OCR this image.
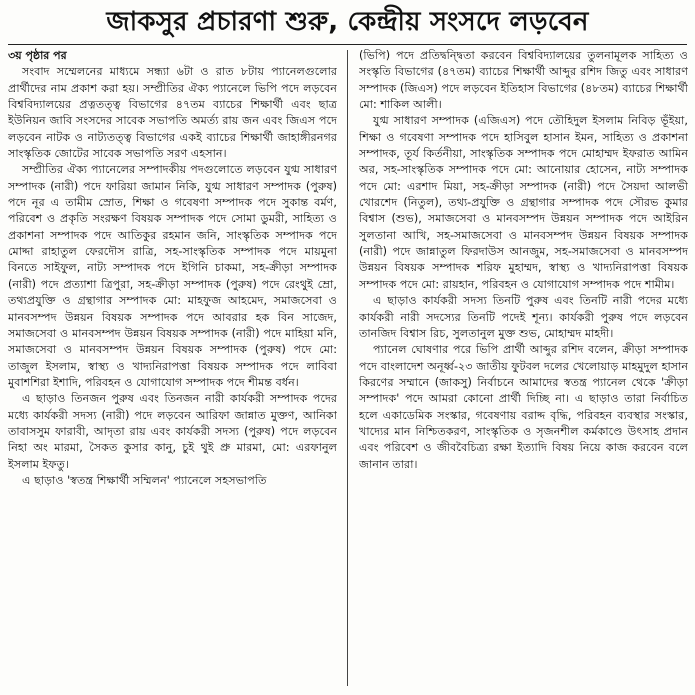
জাকসুর প্রচারণা শুরু, কেন্দ্রীয় সংসদে লড়বেন

৩য় পৃষ্ঠার পর

সংবাদ সম্মেলনের মাধ্যমে সন্ধ্যা ৬টা ও রাত ৮টায় প্যানেলগুলোর প্রার্থীদের নাম প্রকাশ করা হয়। সম্প্রীতির ঐক্য প্যানেলে ভিপি পদে লড়বেন বিশ্ববিদ্যালয়ের প্রত্নতত্ত্ব বিভাগের ৪৭তম ব্যাচের শিক্ষার্থী এবং ছাত্র ইউনিয়ন জাবি সংসদের সাবেক সভাপতি অমর্ত্য রায় জন এবং জিএস পদে লড়বেন নাটক ও নাট্যতত্ত্ব বিভাগের একই ব্যাচের শিক্ষার্থী জাহাঙ্গীরনগর সাংস্কৃতিক জোটের সাবেক সভাপতি সরণ এহসান।

সম্প্রীতির ঐক্য প্যানেলের সম্পাদকীয় পদগুলোতে লড়বেন যুগ্ম সাধারণ সম্পাদক (নারী) পদে ফারিয়া জামান নিকি, যুগ্ম সাধারণ সম্পাদক (পুরুষ) পদে নূর এ তামীম স্রোত, শিক্ষা ও গবেষণা সম্পাদক পদে সুকান্ত বর্মণ, পরিবেশ ও প্রকৃতি সংরক্ষণ বিষয়ক সম্পাদক পদে সোমা ডুমরী, সাহিত্য ও প্রকাশনা সম্পাদক পদে আতিকুর রহমান জনি, সাংস্কৃতিক সম্পাদক পদে মোদ্দা রাহাতুল ফেরদৌস রাত্রি, সহ-সাংস্কৃতিক সম্পাদক পদে মায়মুনা বিনতে সাইফুল, নাট্য সম্পাদক পদে ইগিনি চাকমা, সহ-ক্রীড়া সম্পাদক (নারী) পদে প্রত্যাশা ত্রিপুরা, সহ-ক্রীড়া সম্পাদক (পুরুষ) পদে রেংথুই ম্রো, তথ্যপ্রযুক্তি ও গ্রন্থাগার সম্পাদক মো: মাহফুজ আহমেদ, সমাজসেবা ও মানবসম্পদ উন্নয়ন বিষয়ক সম্পাদক পদে আবরার হক বিন সাজেদ, সমাজসেবা ও মানবসম্পদ উন্নয়ন বিষয়ক সম্পাদক (নারী) পদে মাহিয়া মনি, সমাজসেবা ও মানবসম্পদ উন্নয়ন বিষয়ক সম্পাদক (পুরুষ) পদে মো: তাজুল ইসলাম, স্বাস্থ্য ও খাদ্যনিরাপত্তা বিষয়ক সম্পাদক পদে লাবিবা মুবাশশিরা ইশাদি, পরিবহন ও যোগাযোগ সম্পাদক পদে শীমন্ত বর্ধন।

এ ছাড়াও তিনজন পুরুষ এবং তিনজন নারী কার্যকরী সম্পাদক পদের মধ্যে কার্যকরী সদস্য (নারী) পদে লড়বেন আরিফা জান্নাত মুক্তণ, আনিকা তাবাসসুম ফারাবী, আদৃতা রায় এবং কার্যকরী সদস্য (পুরুষ) পদে লড়বেন নিহা অং মারমা, সৈকত কুসার কানু, চুই থুই প্রু মারমা, মো: এরফানুল ইসলাম ইফতু।

এ ছাড়াও 'স্বতন্ত্র শিক্ষার্থী সম্মিলন' প্যানেলে সহসভাপতি

(ভিপি) পদে প্রতিদ্বন্দ্বিতা করবেন বিশ্ববিদ্যালয়ের তুলনামূলক সাহিত্য ও সংস্কৃতি বিভাগের (৪৭তম) ব্যাচের শিক্ষার্থী আব্দুর রশিদ জিতু এবং সাধারণ সম্পাদক (জিএস) পদে লড়বেন ইতিহাস বিভাগের (৪৮তম) ব্যাচের শিক্ষার্থী মো: শাকিল আলী।

যুগ্ম সাধারণ সম্পাদক (এজিএস) পদে তৌহিদুল ইসলাম নিবিড় ভূঁইয়া, শিক্ষা ও গবেষণা সম্পাদক পদে হাসিবুল হাসান ইমন, সাহিত্য ও প্রকাশনা সম্পাদক, তূর্য কির্তনীয়া, সাংস্কৃতিক সম্পাদক পদে মোহাম্মদ ইফরাত আমিন অর, সহ-সাংস্কৃতিক সম্পাদক পদে মো: আনোয়ার হোসেন, নাট্য সম্পাদক পদে মো: এরশাদ মিয়া, সহ-ক্রীড়া সম্পাদক (নারী) পদে সৈয়দা আলভী খোরশেদ (নিতুল), তথ্য-প্রযুক্তি ও গ্রন্থাগার সম্পাদক পদে সৌরভ কুমার বিশ্বাস (শুভ), সমাজসেবা ও মানবসম্পদ উন্নয়ন সম্পাদক পদে আইরিন সুলতানা আখি, সহ-সমাজসেবা ও মানবসম্পদ উন্নয়ন বিষয়ক সম্পাদক (নারী) পদে জান্নাতুল ফিরদাউস আনজুম, সহ-সমাজসেবা ও মানবসম্পদ উন্নয়ন বিষয়ক সম্পাদক শরিফ মুহাম্মদ, স্বাস্থ্য ও খাদ্যনিরাপত্তা বিষয়ক সম্পাদক পদে মো: রায়হান, পরিবহন ও যোগাযোগ সম্পাদক পদে শামীম।

এ ছাড়াও কার্যকরী সদস্য তিনটি পুরুষ এবং তিনটি নারী পদের মধ্যে কার্যকরী নারী সদস্যের তিনটি পদেই শূন্য। কার্যকরী পুরুষ পদে লড়বেন তানজিদ বিশ্বাস রিচ, সুলতানুল মুক্ত শুভ, মোহাম্মদ মাহদী।

প্যানেল ঘোষণার পরে ভিপি প্রার্থী আব্দুর রশিদ বলেন, ক্রীড়া সম্পাদক পদে বাংলাদেশ অনূর্ধ্ব-২৩ জাতীয় ফুটবল দলের খেলোয়াড় মাহমুদুল হাসান কিরণের সম্মানে (জাকসু) নির্বাচনে আমাদের স্বতন্ত্র প্যানেল থেকে 'ক্রীড়া সম্পাদক' পদে আমরা কোনো প্রার্থী দিচ্ছি না। এ ছাড়াও তারা নির্বাচিত হলে একাডেমিক সংস্কার, গবেষণায় বরাদ্দ বৃদ্ধি, পরিবহন ব্যবস্থার সংস্কার, খাদ্যের মান নিশ্চিতকরণ, সাংস্কৃতিক ও সৃজনশীল কর্মকাণ্ডে উৎসাহ প্রদান এবং পরিবেশ ও জীববৈচিত্র্য রক্ষা ইত্যাদি বিষয় নিয়ে কাজ করবেন বলে জানান তারা।
